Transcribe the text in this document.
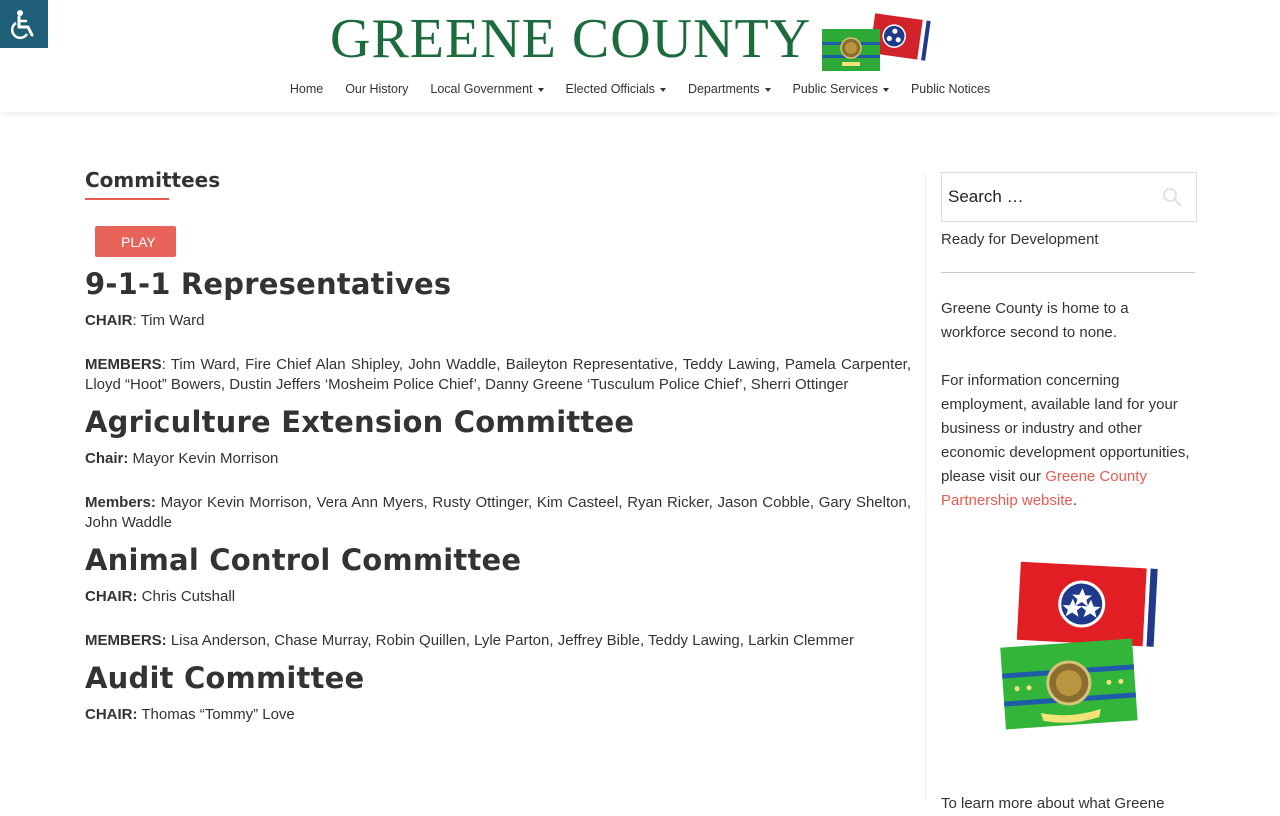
GREENE COUNTY
Home Our History Local Government	Elected Officials	Departments	Public Services	Public Notices
Committees
PLAY
9-1-1 Representatives

CHAIR: Tim Ward

MEMBERS: Tim Ward, Fire Chief Alan Shipley, John Waddle, Baileyton Representative, Teddy Lawing, Pamela Carpenter, Lloyd “Hoot” Bowers, Dustin Jeffers ‘Mosheim Police Chief’, Danny Greene ‘Tusculum Police Chief’, Sherri Ottinger

Agriculture Extension Committee

Chair: Mayor Kevin Morrison

Members: Mayor Kevin Morrison, Vera Ann Myers, Rusty Ottinger, Kim Casteel, Ryan Ricker, Jason Cobble, Gary Shelton, John Waddle

Animal Control Committee

CHAIR: Chris Cutshall

MEMBERS: Lisa Anderson, Chase Murray, Robin Quillen, Lyle Parton, Jeffrey Bible, Teddy Lawing, Larkin Clemmer

Audit Committee

CHAIR: Thomas “Tommy” Love

Search …

Ready for Development

Greene County is home to a workforce second to none.

For information concerning employment, available land for your business or industry and other economic development opportunities, please visit our Greene County Partnership website.

To learn more about what Greene
